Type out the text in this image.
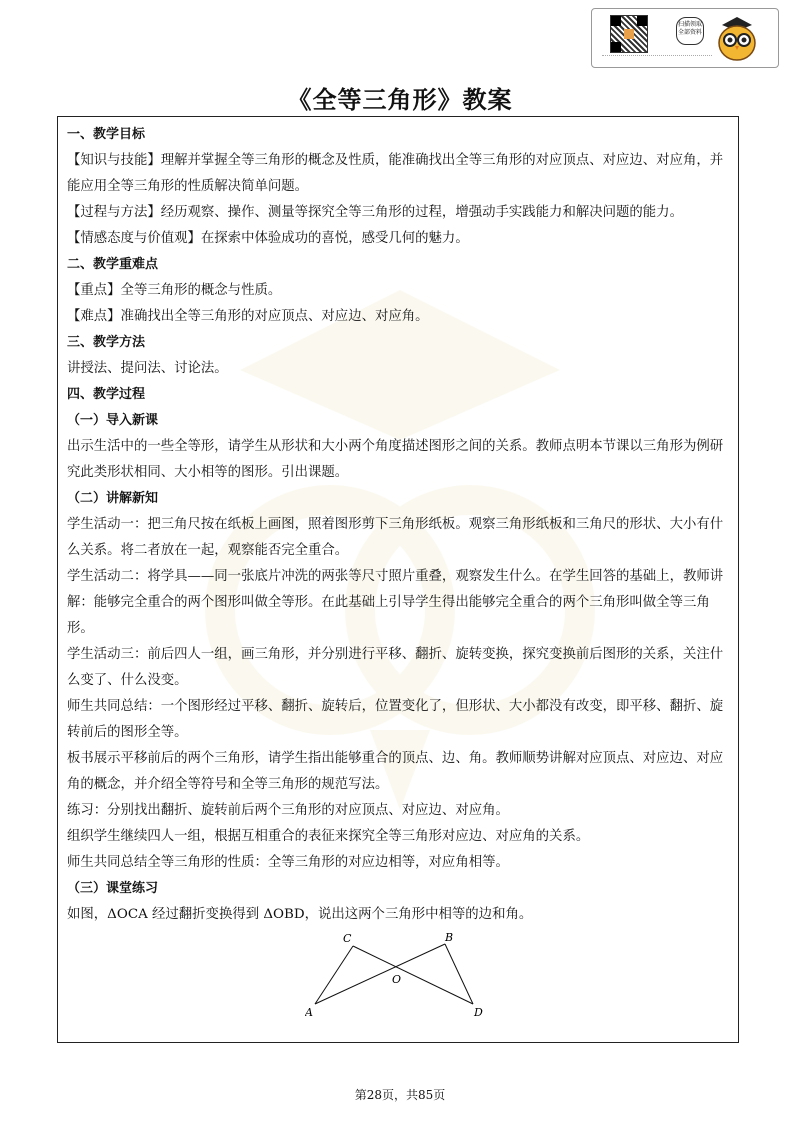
扫描领取全部资料
《全等三角形》教案

一、教学目标

【知识与技能】理解并掌握全等三角形的概念及性质，能准确找出全等三角形的对应顶点、对应边、对应角，并能应用全等三角形的性质解决简单问题。

【过程与方法】经历观察、操作、测量等探究全等三角形的过程，增强动手实践能力和解决问题的能力。

【情感态度与价值观】在探索中体验成功的喜悦，感受几何的魅力。

二、教学重难点

【重点】全等三角形的概念与性质。

【难点】准确找出全等三角形的对应顶点、对应边、对应角。

三、教学方法

讲授法、提问法、讨论法。

四、教学过程

（一）导入新课

出示生活中的一些全等形，请学生从形状和大小两个角度描述图形之间的关系。教师点明本节课以三角形为例研究此类形状相同、大小相等的图形。引出课题。

（二）讲解新知

学生活动一：把三角尺按在纸板上画图，照着图形剪下三角形纸板。观察三角形纸板和三角尺的形状、大小有什么关系。将二者放在一起，观察能否完全重合。

学生活动二：将学具——同一张底片冲洗的两张等尺寸照片重叠，观察发生什么。在学生回答的基础上，教师讲解：能够完全重合的两个图形叫做全等形。在此基础上引导学生得出能够完全重合的两个三角形叫做全等三角形。

学生活动三：前后四人一组，画三角形，并分别进行平移、翻折、旋转变换，探究变换前后图形的关系，关注什么变了、什么没变。

师生共同总结：一个图形经过平移、翻折、旋转后，位置变化了，但形状、大小都没有改变，即平移、翻折、旋转前后的图形全等。

板书展示平移前后的两个三角形，请学生指出能够重合的顶点、边、角。教师顺势讲解对应顶点、对应边、对应角的概念，并介绍全等符号和全等三角形的规范写法。

练习：分别找出翻折、旋转前后两个三角形的对应顶点、对应边、对应角。

组织学生继续四人一组，根据互相重合的表征来探究全等三角形对应边、对应角的关系。

师生共同总结全等三角形的性质：全等三角形的对应边相等，对应角相等。

（三）课堂练习

如图，ΔOCA 经过翻折变换得到 ΔOBD，说出这两个三角形中相等的边和角。

C	B
O
A	D
第28页，共85页
